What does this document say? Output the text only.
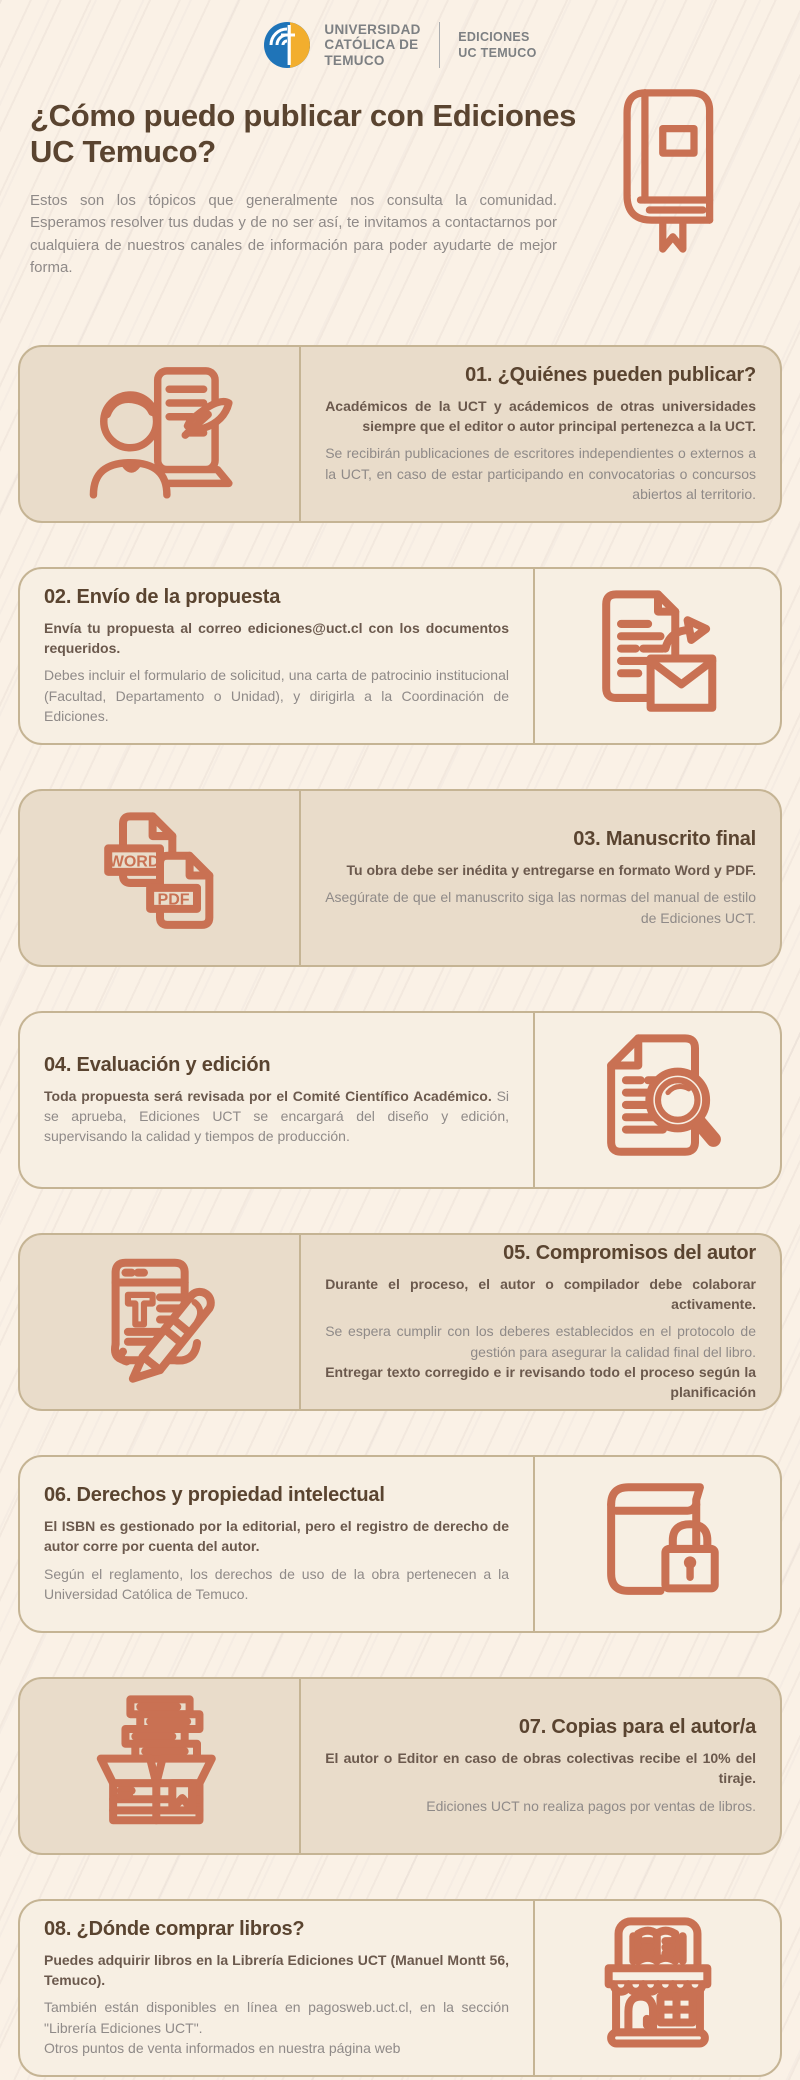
UNIVERSIDAD
CATÓLICA DE
TEMUCO
EDICIONES
UC TEMUCO
¿Cómo puedo publicar con Ediciones UC Temuco?

Estos son los tópicos que generalmente nos consulta la comunidad. Esperamos resolver tus dudas y de no ser así, te invitamos a contactarnos por cualquiera de nuestros canales de información para poder ayudarte de mejor forma.

01. ¿Quiénes pueden publicar?

Académicos de la UCT y acádemicos de otras universidades siempre que el editor o autor principal pertenezca a la UCT.

Se recibirán publicaciones de escritores independientes o externos a la UCT, en caso de estar participando en convocatorias o concursos abiertos al territorio.

02. Envío de la propuesta

Envía tu propuesta al correo ediciones@uct.cl con los documentos requeridos.

Debes incluir el formulario de solicitud, una carta de patrocinio institucional (Facultad, Departamento o Unidad), y dirigirla a la Coordinación de Ediciones.

WORD
PDF
03. Manuscrito final

Tu obra debe ser inédita y entregarse en formato Word y PDF.

Asegúrate de que el manuscrito siga las normas del manual de estilo de Ediciones UCT.

04. Evaluación y edición

Toda propuesta será revisada por el Comité Científico Académico. Si se aprueba, Ediciones UCT se encargará del diseño y edición, supervisando la calidad y tiempos de producción.

05. Compromisos del autor

Durante el proceso, el autor o compilador debe colaborar activamente.

Se espera cumplir con los deberes establecidos en el protocolo de gestión para asegurar la calidad final del libro.

Entregar texto corregido e ir revisando todo el proceso según la planificación

06. Derechos y propiedad intelectual

El ISBN es gestionado por la editorial, pero el registro de derecho de autor corre por cuenta del autor.

Según el reglamento, los derechos de uso de la obra pertenecen a la Universidad Católica de Temuco.

07. Copias para el autor/a

El autor o Editor en caso de obras colectivas recibe el 10% del tiraje.

Ediciones UCT no realiza pagos por ventas de libros.

08. ¿Dónde comprar libros?

Puedes adquirir libros en la Librería Ediciones UCT (Manuel Montt 56, Temuco).

También están disponibles en línea en pagosweb.uct.cl, en la sección "Librería Ediciones UCT".

Otros puntos de venta informados en nuestra página web
